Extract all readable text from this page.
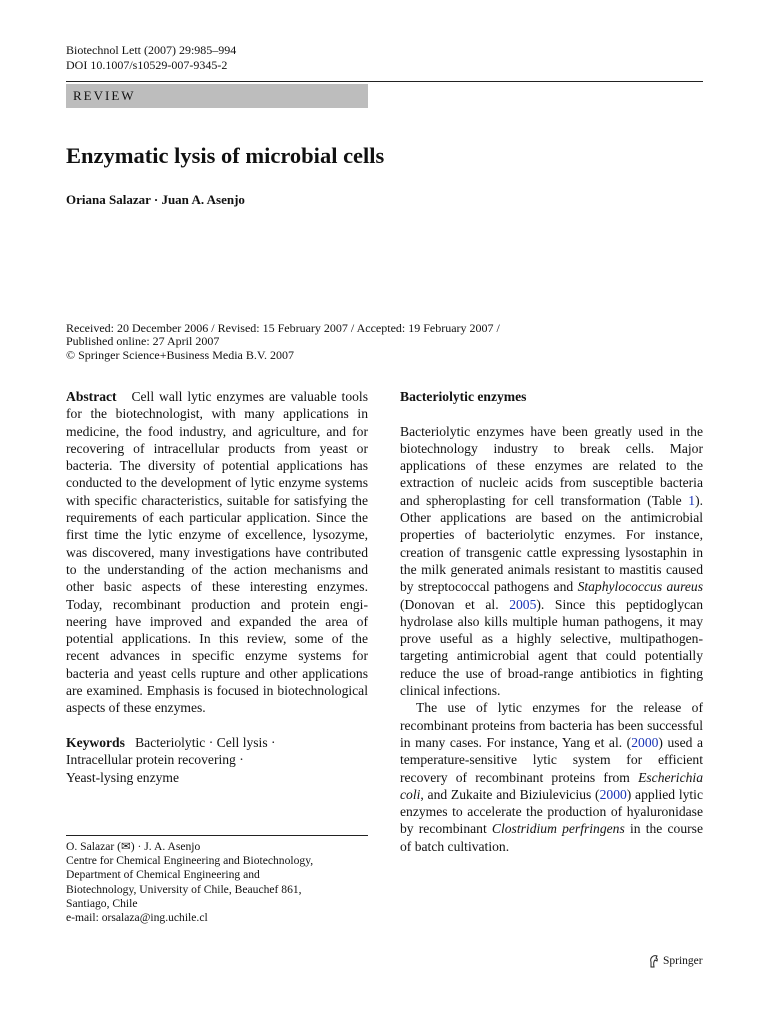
Biotechnol Lett (2007) 29:985–994
DOI 10.1007/s10529-007-9345-2
REVIEW
Enzymatic lysis of microbial cells
Oriana Salazar · Juan A. Asenjo
Received: 20 December 2006 / Revised: 15 February 2007 / Accepted: 19 February 2007 /
Published online: 27 April 2007
© Springer Science+Business Media B.V. 2007

Abstract Cell wall lytic enzymes are valuable tools for the biotechnologist, with many applications in medicine, the food industry, and agriculture, and for recovering of intracellular products from yeast or bacteria. The diversity of potential applications has conducted to the development of lytic enzyme systems with specific characteristics, suitable for satisfying the requirements of each particular application. Since the first time the lytic enzyme of excellence, lysozyme, was discovered, many investigations have contributed to the understanding of the action mechanisms and other basic aspects of these interesting enzymes. Today, recombinant production and protein engineering have improved and expanded the area of potential applications. In this review, some of the recent advances in specific enzyme systems for bacteria and yeast cells rupture and other applications are examined. Emphasis is focused in biotechnological aspects of these enzymes.

Keywords Bacteriolytic · Cell lysis ·
Intracellular protein recovering ·
Yeast-lysing enzyme
O. Salazar (✉) · J. A. Asenjo
Centre for Chemical Engineering and Biotechnology,
Department of Chemical Engineering and
Biotechnology, University of Chile, Beauchef 861,
Santiago, Chile
e-mail: orsalaza@ing.uchile.cl
Bacteriolytic enzymes

Bacteriolytic enzymes have been greatly used in the biotechnology industry to break cells. Major applications of these enzymes are related to the extraction of nucleic acids from susceptible bacteria and spheroplasting for cell transformation (Table 1). Other applications are based on the antimicrobial properties of bacteriolytic enzymes. For instance, creation of transgenic cattle expressing lysostaphin in the milk generated animals resistant to mastitis caused by streptococcal pathogens and Staphylococcus aureus (Donovan et al. 2005). Since this peptidoglycan hydrolase also kills multiple human pathogens, it may prove useful as a highly selective, multipathogen-targeting antimicrobial agent that could potentially reduce the use of broad-range antibiotics in fighting clinical infections.

The use of lytic enzymes for the release of recombinant proteins from bacteria has been successful in many cases. For instance, Yang et al. (2000) used a temperature-sensitive lytic system for efficient recovery of recombinant proteins from Escherichia coli, and Zukaite and Biziulevicius (2000) applied lytic enzymes to accelerate the production of hyaluronidase by recombinant Clostridium perfringens in the course of batch cultivation.

Springer
